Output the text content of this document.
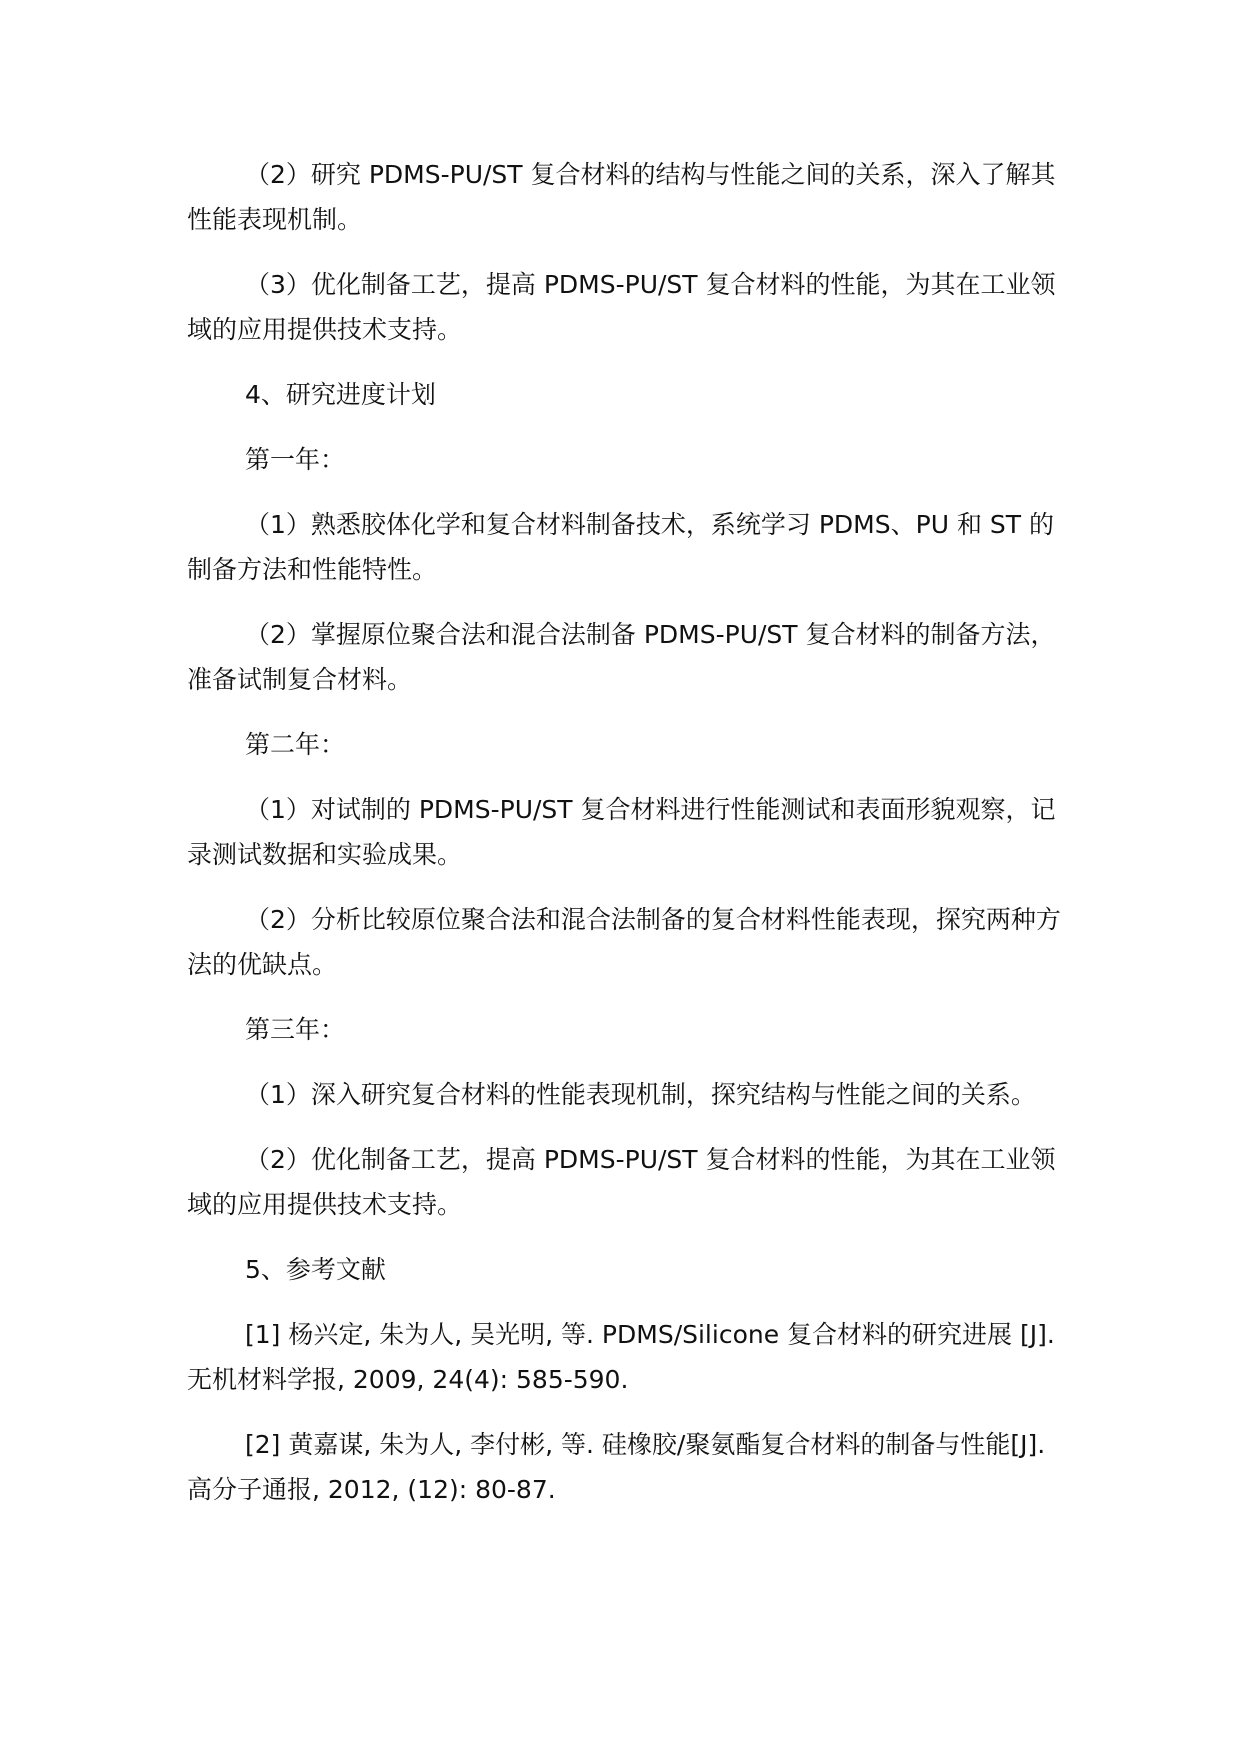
（2）研究 PDMS-PU/ST 复合材料的结构与性能之间的关系，深入了解其性能表现机制。

（3）优化制备工艺，提高 PDMS-PU/ST 复合材料的性能，为其在工业领域的应用提供技术支持。

4、研究进度计划

第一年：

（1）熟悉胶体化学和复合材料制备技术，系统学习 PDMS、PU 和 ST 的制备方法和性能特性。

（2）掌握原位聚合法和混合法制备 PDMS-PU/ST 复合材料的制备方法，准备试制复合材料。

第二年：

（1）对试制的 PDMS-PU/ST 复合材料进行性能测试和表面形貌观察，记录测试数据和实验成果。

（2）分析比较原位聚合法和混合法制备的复合材料性能表现，探究两种方法的优缺点。

第三年：

（1）深入研究复合材料的性能表现机制，探究结构与性能之间的关系。

（2）优化制备工艺，提高 PDMS-PU/ST 复合材料的性能，为其在工业领域的应用提供技术支持。

5、参考文献

[1] 杨兴定, 朱为人, 吴光明, 等. PDMS/Silicone 复合材料的研究进展 [J]. 无机材料学报, 2009, 24(4): 585-590.

[2] 黄嘉谋, 朱为人, 李付彬, 等. 硅橡胶/聚氨酯复合材料的制备与性能[J]. 高分子通报, 2012, (12): 80-87.
